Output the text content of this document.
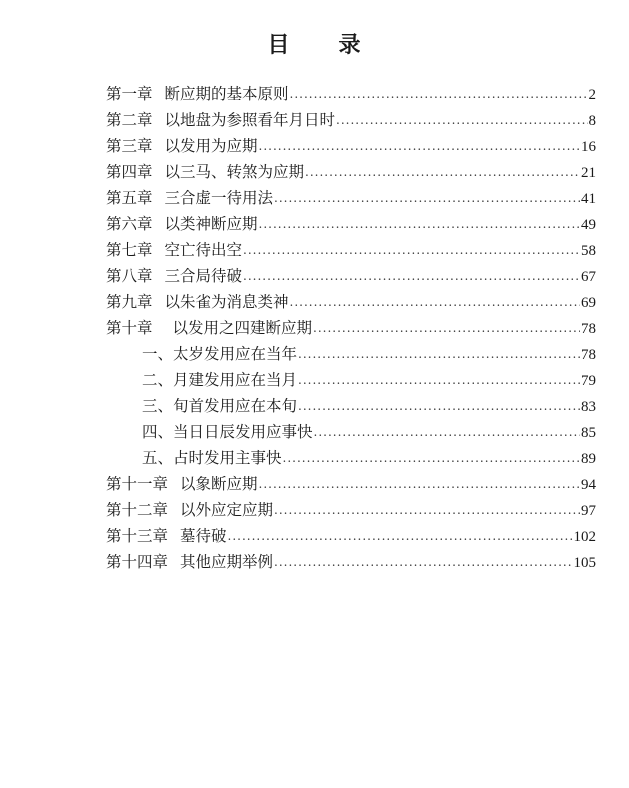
目 录
第一章 断应期的基本原则 .....	2
第二章 以地盘为参照看年月日时 .....	8
第三章 以发用为应期 .....	16
第四章 以三马、转煞为应期 .....	21
第五章 三合虚一待用法 .....	41
第六章 以类神断应期 .....	49
第七章 空亡待出空 .....	58
第八章 三合局待破 .....	67
第九章 以朱雀为消息类神 .....	69
第十章 以发用之四建断应期 .....	78
一、太岁发用应在当年 .....	78
二、月建发用应在当月 .....	79
三、旬首发用应在本旬 .....	83
四、当日日辰发用应事快 .....	85
五、占时发用主事快 .....	89
第十一章 以象断应期 .....	94
第十二章 以外应定应期 .....	97
第十三章 墓待破 .....	102
第十四章 其他应期举例 .....	105
